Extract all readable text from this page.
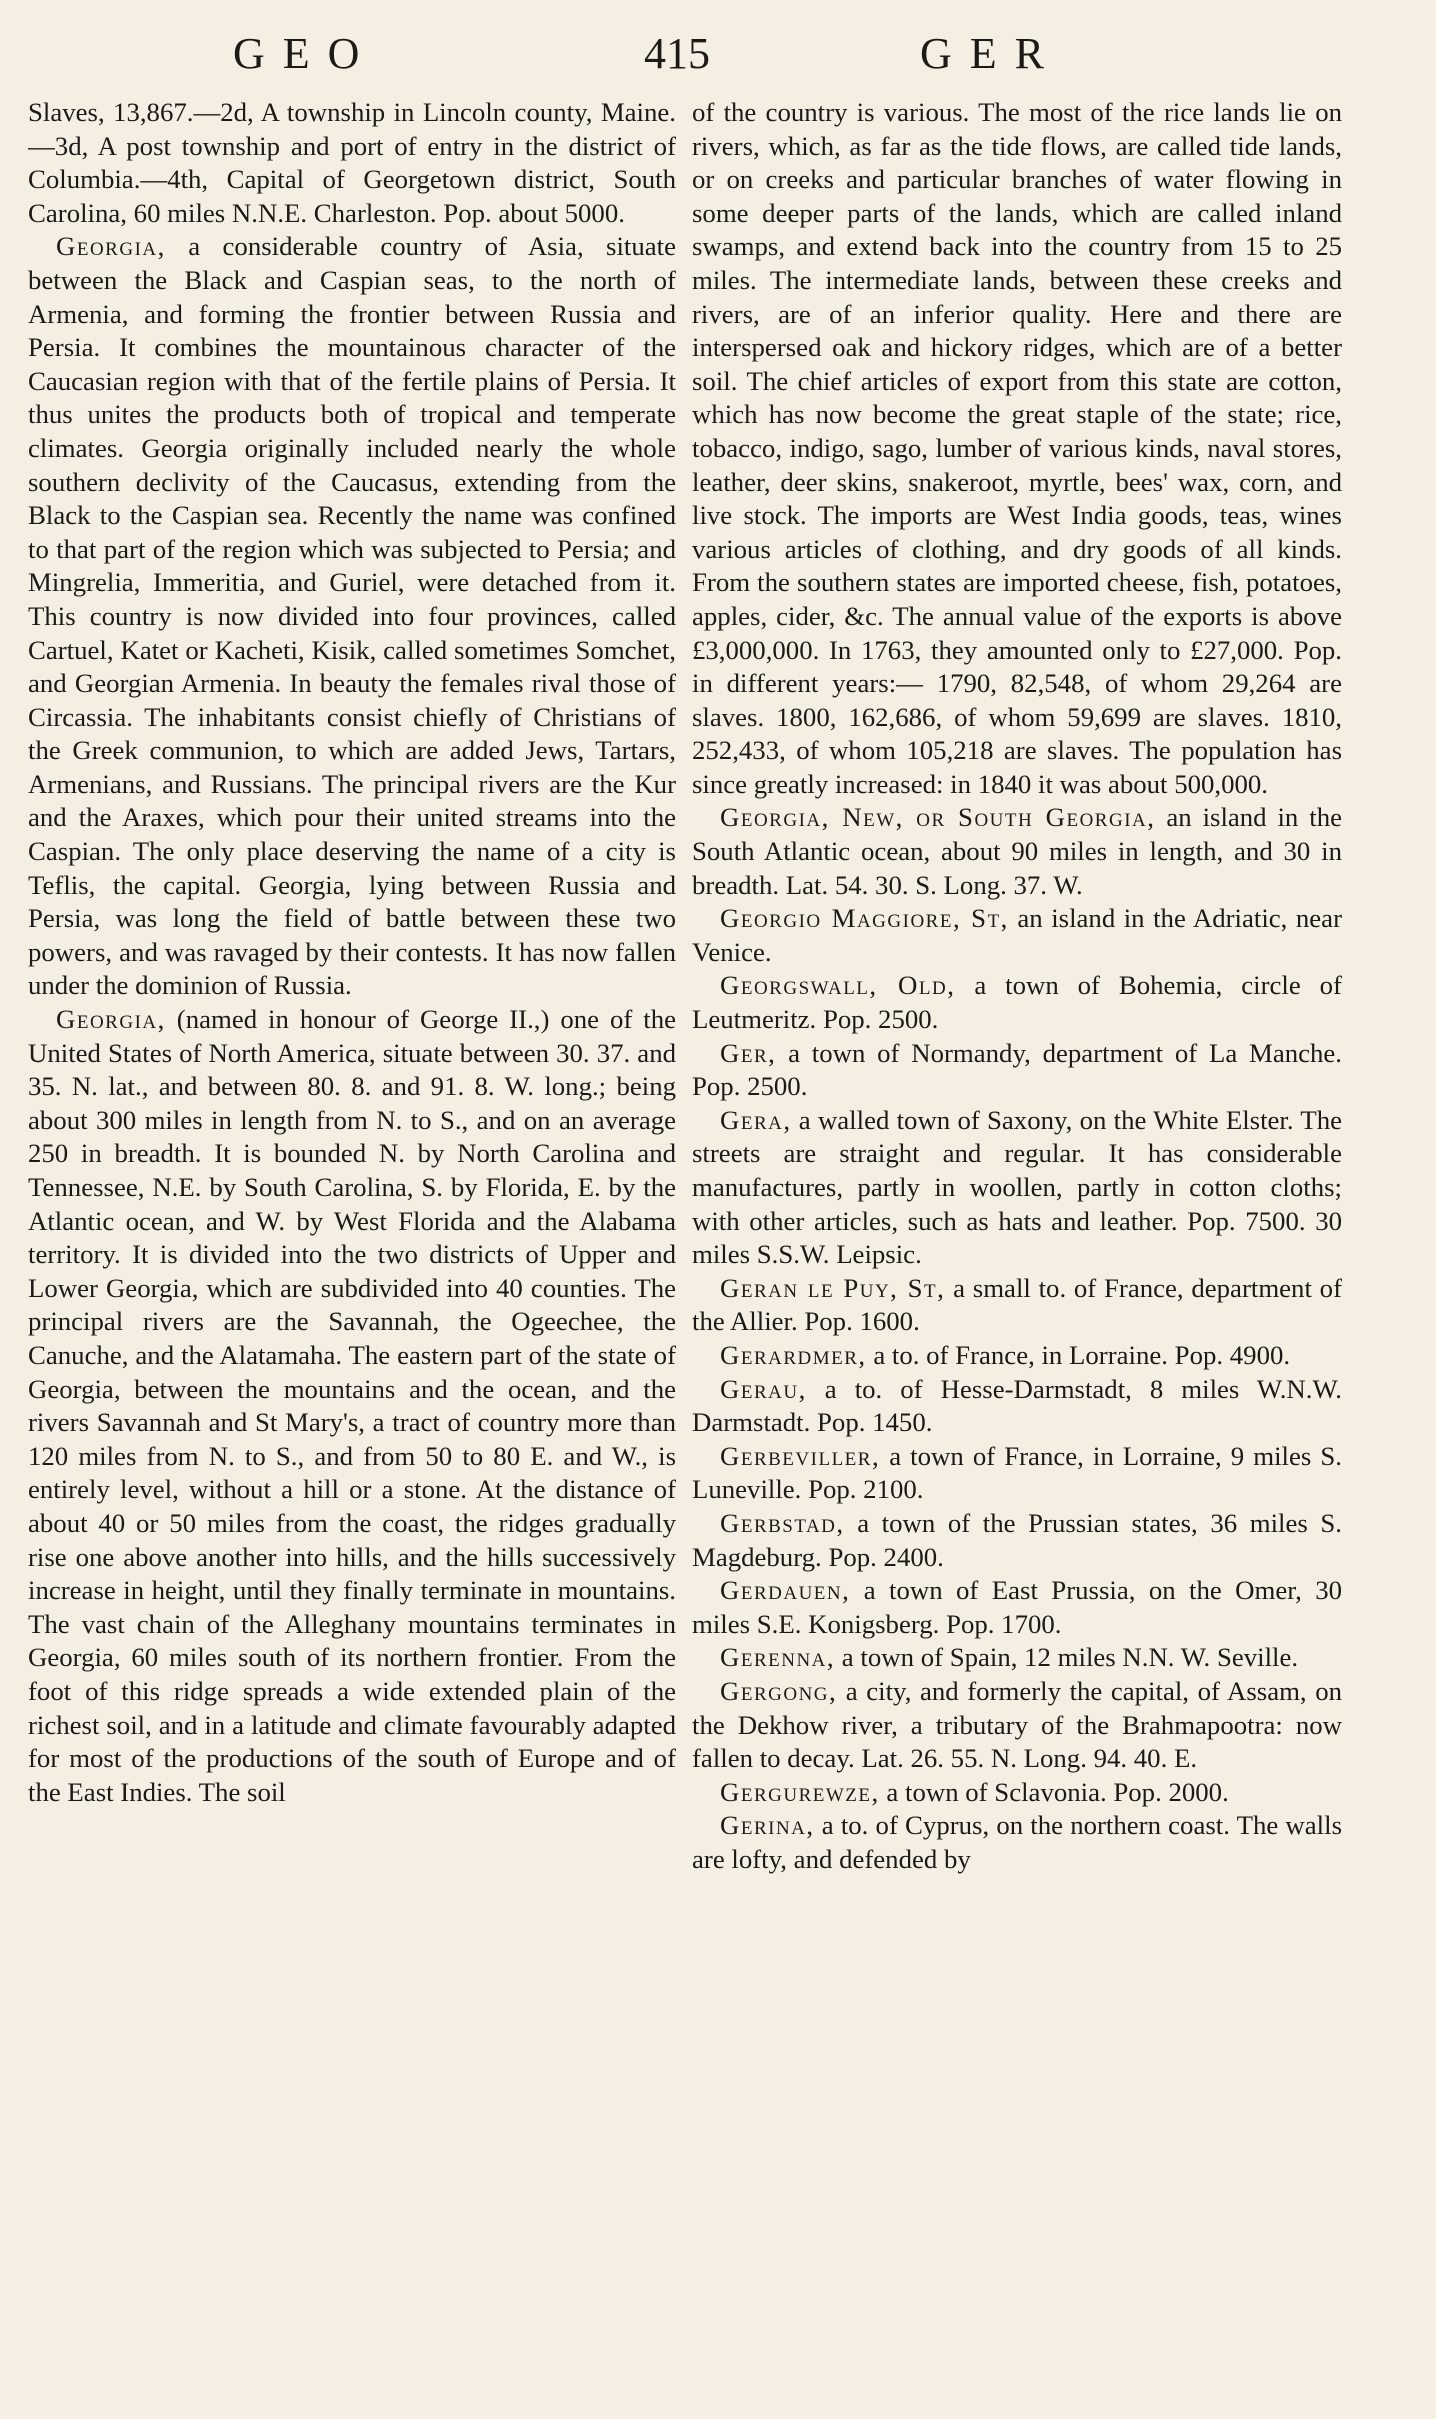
GEO	415	GER

Slaves, 13,867.—2d, A township in Lincoln county, Maine.—3d, A post township and port of entry in the district of Columbia.—4th, Capital of Georgetown district, South Carolina, 60 miles N.N.E. Charleston. Pop. about 5000.

Georgia, a considerable country of Asia, situate between the Black and Caspian seas, to the north of Armenia, and forming the frontier between Russia and Persia. It combines the mountainous character of the Caucasian region with that of the fertile plains of Persia. It thus unites the products both of tropical and temperate climates. Georgia originally included nearly the whole southern declivity of the Caucasus, extending from the Black to the Caspian sea. Recently the name was confined to that part of the region which was subjected to Persia; and Mingrelia, Immeritia, and Guriel, were detached from it. This country is now divided into four provinces, called Cartuel, Katet or Kacheti, Kisik, called sometimes Somchet, and Georgian Armenia. In beauty the females rival those of Circassia. The inhabitants consist chiefly of Christians of the Greek communion, to which are added Jews, Tartars, Armenians, and Russians. The principal rivers are the Kur and the Araxes, which pour their united streams into the Caspian. The only place deserving the name of a city is Teflis, the capital. Georgia, lying between Russia and Persia, was long the field of battle between these two powers, and was ravaged by their contests. It has now fallen under the dominion of Russia.

Georgia, (named in honour of George II.,) one of the United States of North America, situate between 30. 37. and 35. N. lat., and between 80. 8. and 91. 8. W. long.; being about 300 miles in length from N. to S., and on an average 250 in breadth. It is bounded N. by North Carolina and Tennessee, N.E. by South Carolina, S. by Florida, E. by the Atlantic ocean, and W. by West Florida and the Alabama territory. It is divided into the two districts of Upper and Lower Georgia, which are subdivided into 40 counties. The principal rivers are the Savannah, the Ogeechee, the Canuche, and the Alatamaha. The eastern part of the state of Georgia, between the mountains and the ocean, and the rivers Savannah and St Mary's, a tract of country more than 120 miles from N. to S., and from 50 to 80 E. and W., is entirely level, without a hill or a stone. At the distance of about 40 or 50 miles from the coast, the ridges gradually rise one above another into hills, and the hills successively increase in height, until they finally terminate in mountains. The vast chain of the Alleghany mountains terminates in Georgia, 60 miles south of its northern frontier. From the foot of this ridge spreads a wide extended plain of the richest soil, and in a latitude and climate favourably adapted for most of the productions of the south of Europe and of the East Indies. The soil

of the country is various. The most of the rice lands lie on rivers, which, as far as the tide flows, are called tide lands, or on creeks and particular branches of water flowing in some deeper parts of the lands, which are called inland swamps, and extend back into the country from 15 to 25 miles. The intermediate lands, between these creeks and rivers, are of an inferior quality. Here and there are interspersed oak and hickory ridges, which are of a better soil. The chief articles of export from this state are cotton, which has now become the great staple of the state; rice, tobacco, indigo, sago, lumber of various kinds, naval stores, leather, deer skins, snakeroot, myrtle, bees' wax, corn, and live stock. The imports are West India goods, teas, wines various articles of clothing, and dry goods of all kinds. From the southern states are imported cheese, fish, potatoes, apples, cider, &c. The annual value of the exports is above £3,000,000. In 1763, they amounted only to £27,000. Pop. in different years:— 1790, 82,548, of whom 29,264 are slaves. 1800, 162,686, of whom 59,699 are slaves. 1810, 252,433, of whom 105,218 are slaves. The population has since greatly increased: in 1840 it was about 500,000.

Georgia, New, or South Georgia, an island in the South Atlantic ocean, about 90 miles in length, and 30 in breadth. Lat. 54. 30. S. Long. 37. W.

Georgio Maggiore, St, an island in the Adriatic, near Venice.

Georgswall, Old, a town of Bohemia, circle of Leutmeritz. Pop. 2500.

Ger, a town of Normandy, department of La Manche. Pop. 2500.

Gera, a walled town of Saxony, on the White Elster. The streets are straight and regular. It has considerable manufactures, partly in woollen, partly in cotton cloths; with other articles, such as hats and leather. Pop. 7500. 30 miles S.S.W. Leipsic.

Geran le Puy, St, a small to. of France, department of the Allier. Pop. 1600.

Gerardmer, a to. of France, in Lorraine. Pop. 4900.

Gerau, a to. of Hesse-Darmstadt, 8 miles W.N.W. Darmstadt. Pop. 1450.

Gerbeviller, a town of France, in Lorraine, 9 miles S. Luneville. Pop. 2100.

Gerbstad, a town of the Prussian states, 36 miles S. Magdeburg. Pop. 2400.

Gerdauen, a town of East Prussia, on the Omer, 30 miles S.E. Konigsberg. Pop. 1700.

Gerenna, a town of Spain, 12 miles N.N. W. Seville.

Gergong, a city, and formerly the capital, of Assam, on the Dekhow river, a tributary of the Brahmapootra: now fallen to decay. Lat. 26. 55. N. Long. 94. 40. E.

Gergurewze, a town of Sclavonia. Pop. 2000.

Gerina, a to. of Cyprus, on the northern coast. The walls are lofty, and defended by
